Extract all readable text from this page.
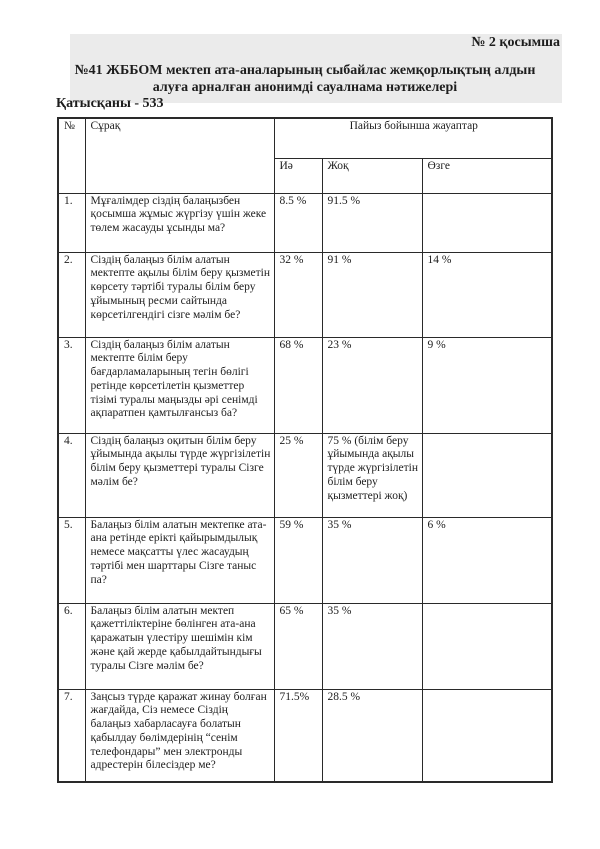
№ 2 қосымша
№41 ЖББОМ мектеп ата-аналарының сыбайлас жемқорлықтың алдын
алуға арналған анонимді сауалнама нәтижелері
Қатысқаны - 533
№	Сұрақ	Пайыз бойынша жауаптар		
		Иә	Жоқ	Өзге
1.	Мұғалімдер сіздің балаңызбен қосымша жұмыс жүргізу үшін жеке төлем жасауды ұсынды ма?	8.5 %	91.5 %	
2.	Сіздің балаңыз білім алатын мектепте ақылы білім беру қызметін көрсету тәртібі туралы білім беру ұйымының ресми сайтында көрсетілгендігі сізге мәлім бе?	32 %	91 %	14 %
3.	Сіздің балаңыз білім алатын мектепте білім беру бағдарламаларының тегін бөлігі ретінде көрсетілетін қызметтер тізімі туралы маңызды әрі сенімді ақпаратпен қамтылғансыз ба?	68 %	23 %	9 %
4.	Сіздің балаңыз оқитын білім беру ұйымында ақылы түрде жүргізілетін білім беру қызметтері туралы Сізге мәлім бе?	25 %	75 % (білім беру ұйымында ақылы түрде жүргізілетін білім беру қызметтері жоқ)	
5.	Балаңыз білім алатын мектепке ата-ана ретінде ерікті қайырымдылық немесе мақсатты үлес жасаудың тәртібі мен шарттары Сізге таныс па?	59 %	35 %	6 %
6.	Балаңыз білім алатын мектеп қажеттіліктеріне бөлінген ата-ана қаражатын үлестіру шешімін кім және қай жерде қабылдайтындығы туралы Сізге мәлім бе?	65 %	35 %	
7.	Заңсыз түрде қаражат жинау болған жағдайда, Сіз немесе Сіздің балаңыз хабарласауға болатын қабылдау бөлімдерінің “сенім телефондары” мен электронды адрестерін білесіздер ме?	71.5%	28.5 %	
